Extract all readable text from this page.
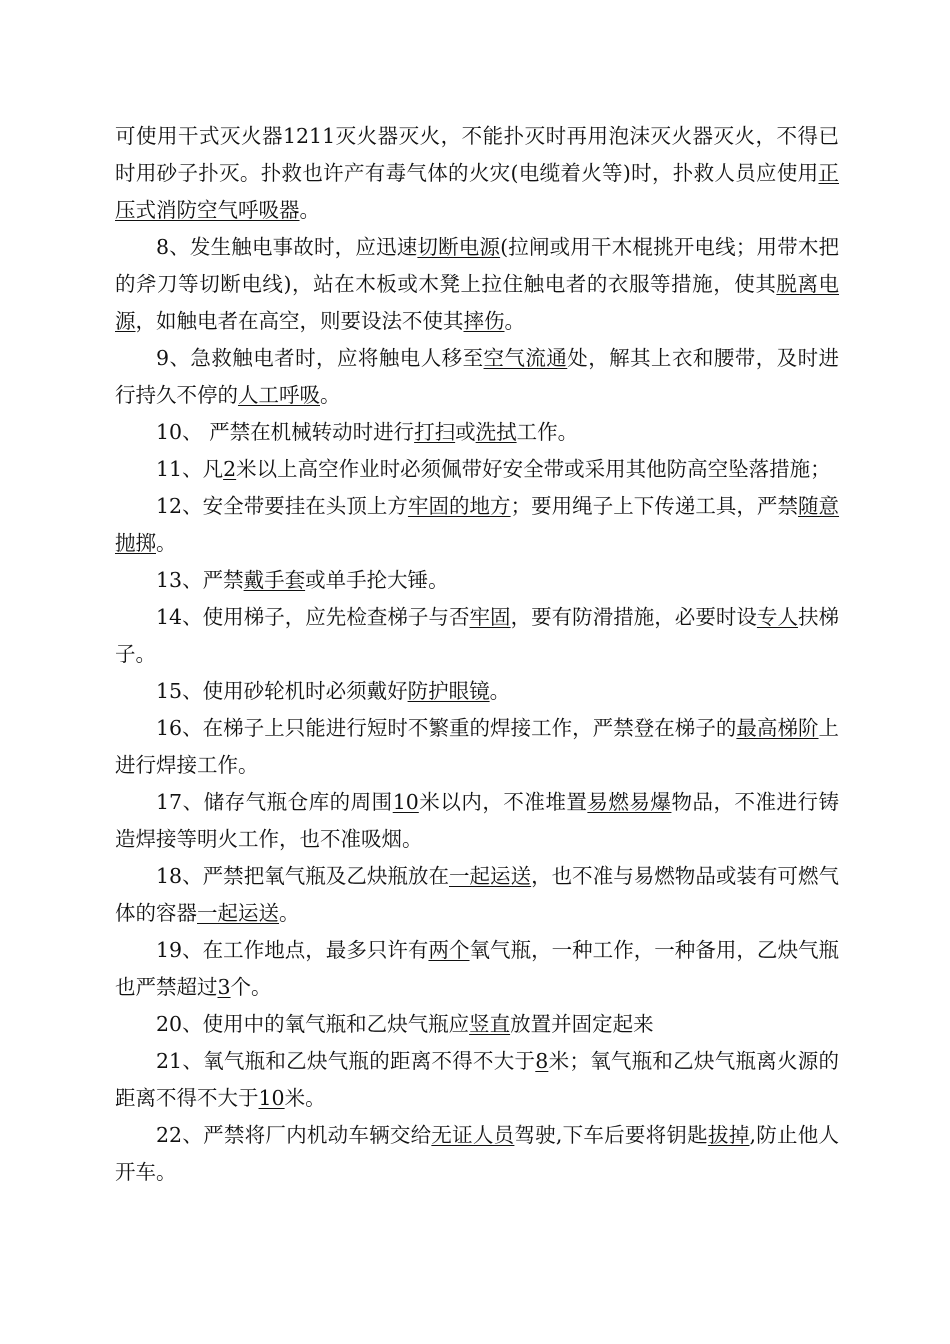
可使用干式灭火器1211灭火器灭火，不能扑灭时再用泡沫灭火器灭火，不得已时用砂子扑灭。扑救也许产有毒气体的火灾(电缆着火等)时，扑救人员应使用正压式消防空气呼吸器。

8、发生触电事故时，应迅速切断电源(拉闸或用干木棍挑开电线；用带木把的斧刀等切断电线)，站在木板或木凳上拉住触电者的衣服等措施，使其脱离电源，如触电者在高空，则要设法不使其摔伤。

9、急救触电者时，应将触电人移至空气流通处，解其上衣和腰带，及时进行持久不停的人工呼吸。

10、 严禁在机械转动时进行打扫或洗拭工作。

11、凡2米以上高空作业时必须佩带好安全带或采用其他防高空坠落措施；

12、安全带要挂在头顶上方牢固的地方；要用绳子上下传递工具，严禁随意抛掷。

13、严禁戴手套或单手抡大锤。

14、使用梯子，应先检查梯子与否牢固，要有防滑措施，必要时设专人扶梯子。

15、使用砂轮机时必须戴好防护眼镜。

16、在梯子上只能进行短时不繁重的焊接工作，严禁登在梯子的最高梯阶上进行焊接工作。

17、储存气瓶仓库的周围10米以内，不准堆置易燃易爆物品，不准进行铸造焊接等明火工作，也不准吸烟。

18、严禁把氧气瓶及乙炔瓶放在一起运送，也不准与易燃物品或装有可燃气体的容器一起运送。

19、在工作地点，最多只许有两个氧气瓶，一种工作，一种备用，乙炔气瓶也严禁超过3个。

20、使用中的氧气瓶和乙炔气瓶应竖直放置并固定起来

21、氧气瓶和乙炔气瓶的距离不得不大于8米；氧气瓶和乙炔气瓶离火源的距离不得不大于10米。

22、严禁将厂内机动车辆交给无证人员驾驶,下车后要将钥匙拔掉,防止他人开车。
